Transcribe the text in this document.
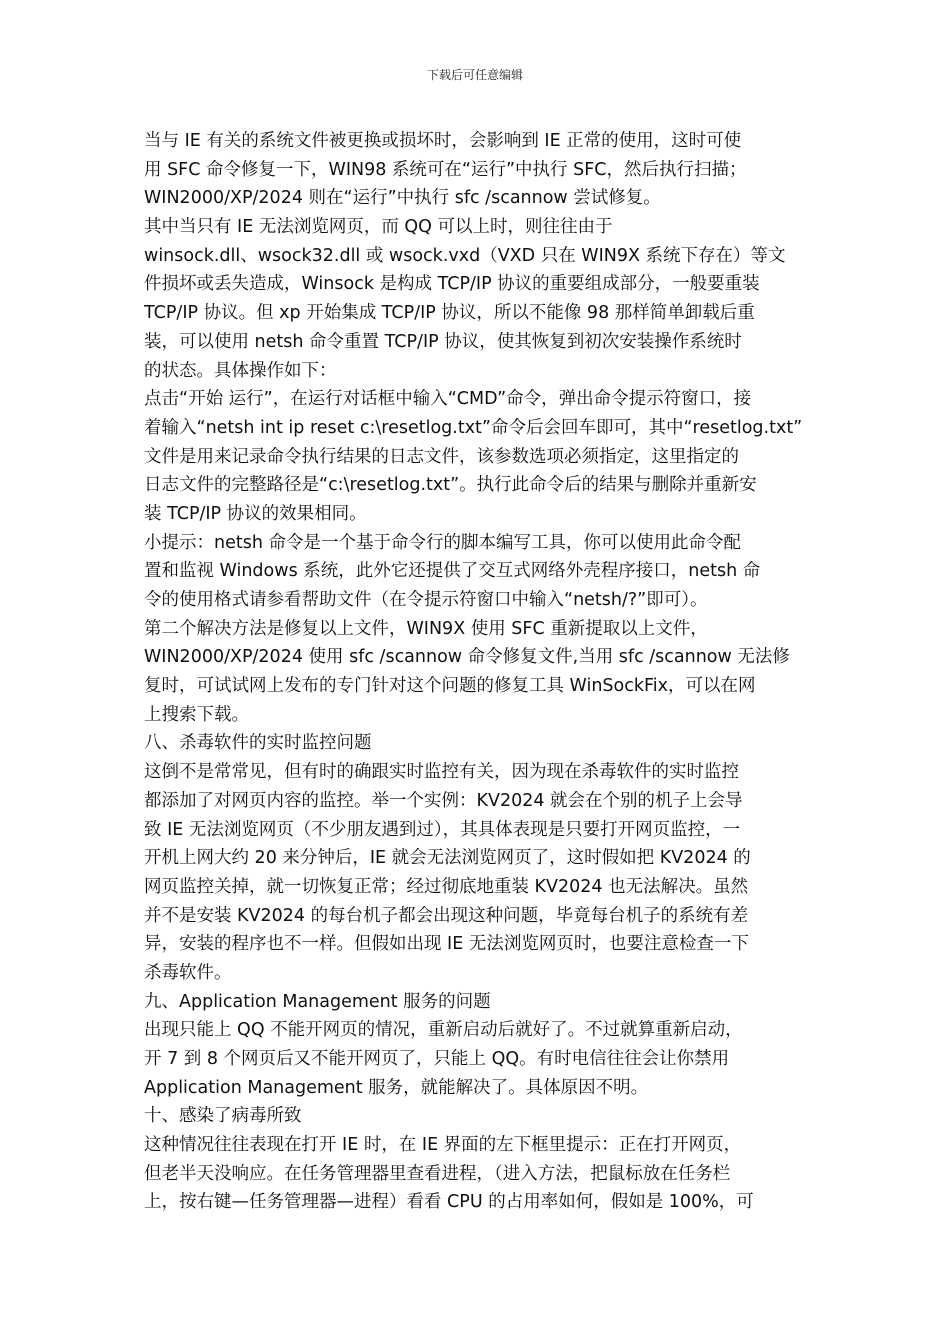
下载后可任意编辑
当与 IE 有关的系统文件被更换或损坏时，会影响到 IE 正常的使用，这时可使
用 SFC 命令修复一下，WIN98 系统可在“运行”中执行 SFC，然后执行扫描；
WIN2000/XP/2024 则在“运行”中执行 sfc /scannow 尝试修复。
其中当只有 IE 无法浏览网页，而 QQ 可以上时，则往往由于
winsock.dll、wsock32.dll 或 wsock.vxd（VXD 只在 WIN9X 系统下存在）等文
件损坏或丢失造成，Winsock 是构成 TCP/IP 协议的重要组成部分，一般要重装
TCP/IP 协议。但 xp 开始集成 TCP/IP 协议，所以不能像 98 那样简单卸载后重
装，可以使用 netsh 命令重置 TCP/IP 协议，使其恢复到初次安装操作系统时
的状态。具体操作如下：
点击“开始 运行”，在运行对话框中输入“CMD”命令，弹出命令提示符窗口，接
着输入“netsh int ip reset c:\resetlog.txt”命令后会回车即可，其中“resetlog.txt”
文件是用来记录命令执行结果的日志文件，该参数选项必须指定，这里指定的
日志文件的完整路径是“c:\resetlog.txt”。执行此命令后的结果与删除并重新安
装 TCP/IP 协议的效果相同。
小提示：netsh 命令是一个基于命令行的脚本编写工具，你可以使用此命令配
置和监视 Windows 系统，此外它还提供了交互式网络外壳程序接口，netsh 命
令的使用格式请参看帮助文件（在令提示符窗口中输入“netsh/?”即可）。
第二个解决方法是修复以上文件，WIN9X 使用 SFC 重新提取以上文件，
WIN2000/XP/2024 使用 sfc /scannow 命令修复文件,当用 sfc /scannow 无法修
复时，可试试网上发布的专门针对这个问题的修复工具 WinSockFix，可以在网
上搜索下载。
八、杀毒软件的实时监控问题
这倒不是常常见，但有时的确跟实时监控有关，因为现在杀毒软件的实时监控
都添加了对网页内容的监控。举一个实例：KV2024 就会在个别的机子上会导
致 IE 无法浏览网页（不少朋友遇到过），其具体表现是只要打开网页监控，一
开机上网大约 20 来分钟后，IE 就会无法浏览网页了，这时假如把 KV2024 的
网页监控关掉，就一切恢复正常；经过彻底地重装 KV2024 也无法解决。虽然
并不是安装 KV2024 的每台机子都会出现这种问题，毕竟每台机子的系统有差
异，安装的程序也不一样。但假如出现 IE 无法浏览网页时，也要注意检查一下
杀毒软件。
九、Application Management 服务的问题
出现只能上 QQ 不能开网页的情况，重新启动后就好了。不过就算重新启动，
开 7 到 8 个网页后又不能开网页了，只能上 QQ。有时电信往往会让你禁用
Application Management 服务，就能解决了。具体原因不明。
十、感染了病毒所致
这种情况往往表现在打开 IE 时，在 IE 界面的左下框里提示：正在打开网页，
但老半天没响应。在任务管理器里查看进程，（进入方法，把鼠标放在任务栏
上，按右键—任务管理器—进程）看看 CPU 的占用率如何，假如是 100%，可
